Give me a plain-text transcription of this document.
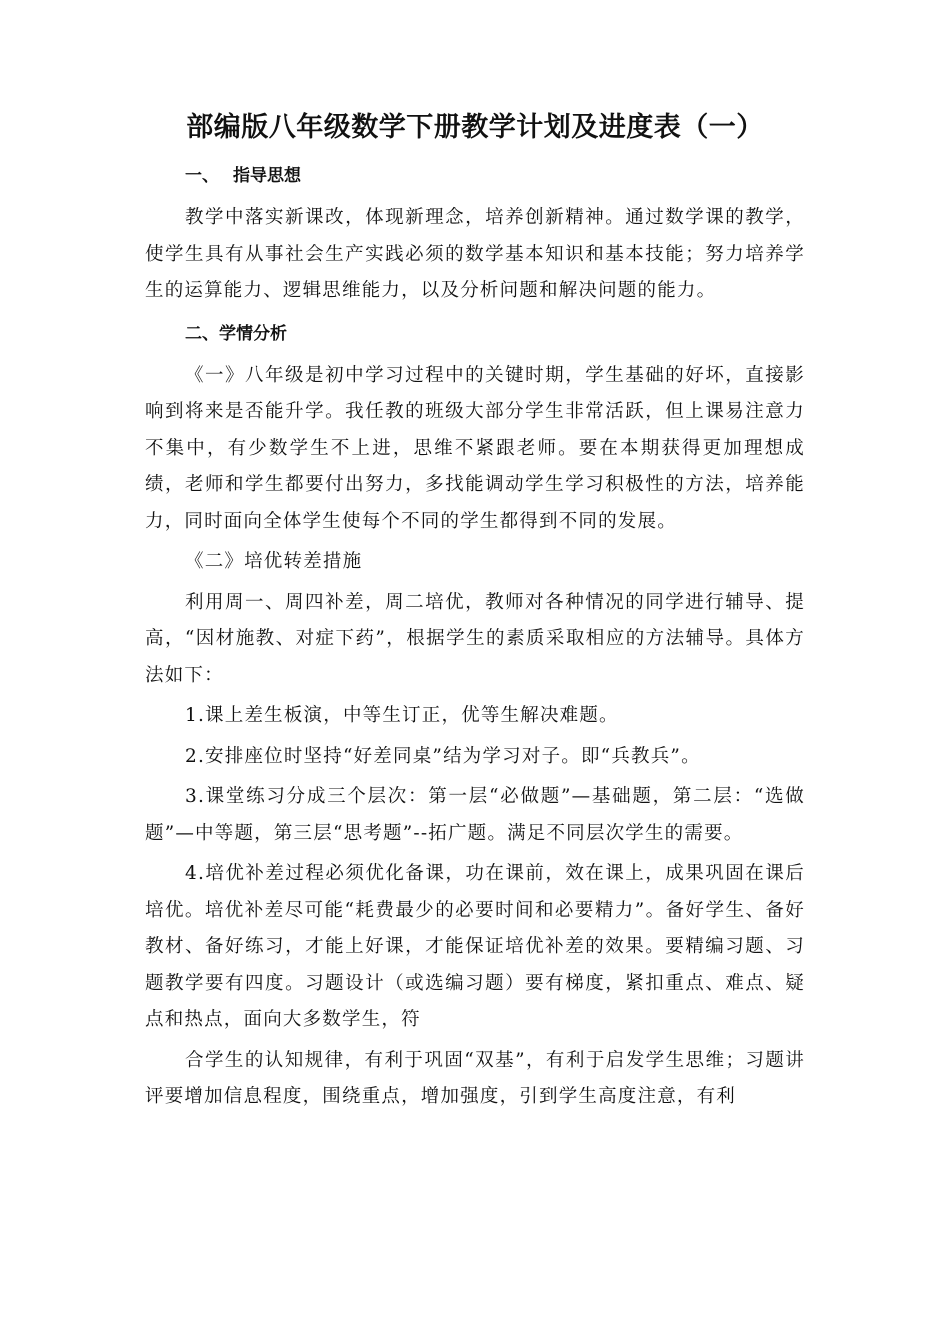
部编版八年级数学下册教学计划及进度表（一）
一、 指导思想

教学中落实新课改，体现新理念，培养创新精神。通过数学课的教学，使学生具有从事社会生产实践必须的数学基本知识和基本技能；努力培养学生的运算能力、逻辑思维能力，以及分析问题和解决问题的能力。

二、学情分析

《一》八年级是初中学习过程中的关键时期，学生基础的好坏，直接影响到将来是否能升学。我任教的班级大部分学生非常活跃，但上课易注意力不集中，有少数学生不上进，思维不紧跟老师。要在本期获得更加理想成绩，老师和学生都要付出努力，多找能调动学生学习积极性的方法，培养能力，同时面向全体学生使每个不同的学生都得到不同的发展。

《二》培优转差措施

利用周一、周四补差，周二培优，教师对各种情况的同学进行辅导、提高，“因材施教、对症下药”，根据学生的素质采取相应的方法辅导。具体方法如下：

1.课上差生板演，中等生订正，优等生解决难题。

2.安排座位时坚持“好差同桌”结为学习对子。即“兵教兵”。

3.课堂练习分成三个层次：第一层“必做题”—基础题，第二层：“选做题”—中等题，第三层“思考题”--拓广题。满足不同层次学生的需要。

4.培优补差过程必须优化备课，功在课前，效在课上，成果巩固在课后培优。培优补差尽可能“耗费最少的必要时间和必要精力”。备好学生、备好教材、备好练习，才能上好课，才能保证培优补差的效果。要精编习题、习题教学要有四度。习题设计（或选编习题）要有梯度，紧扣重点、难点、疑点和热点，面向大多数学生，符

合学生的认知规律，有利于巩固“双基”，有利于启发学生思维；习题讲评要增加信息程度，围绕重点，增加强度，引到学生高度注意，有利
